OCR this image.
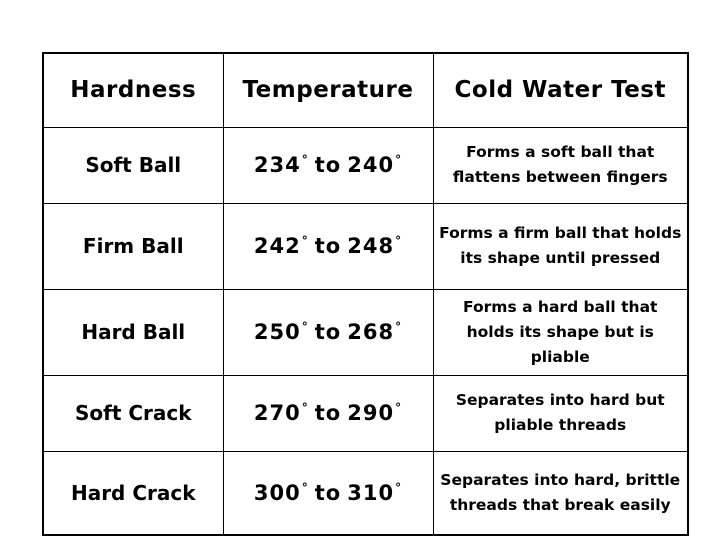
Hardness	Temperature	Cold Water Test
Soft Ball	234° to 240°	Forms a soft ball that flattens between fingers
Firm Ball	242° to 248°	Forms a firm ball that holds its shape until pressed
Hard Ball	250° to 268°	Forms a hard ball that holds its shape but is pliable
Soft Crack	270° to 290°	Separates into hard but pliable threads
Hard Crack	300° to 310°	Separates into hard, brittle threads that break easily
